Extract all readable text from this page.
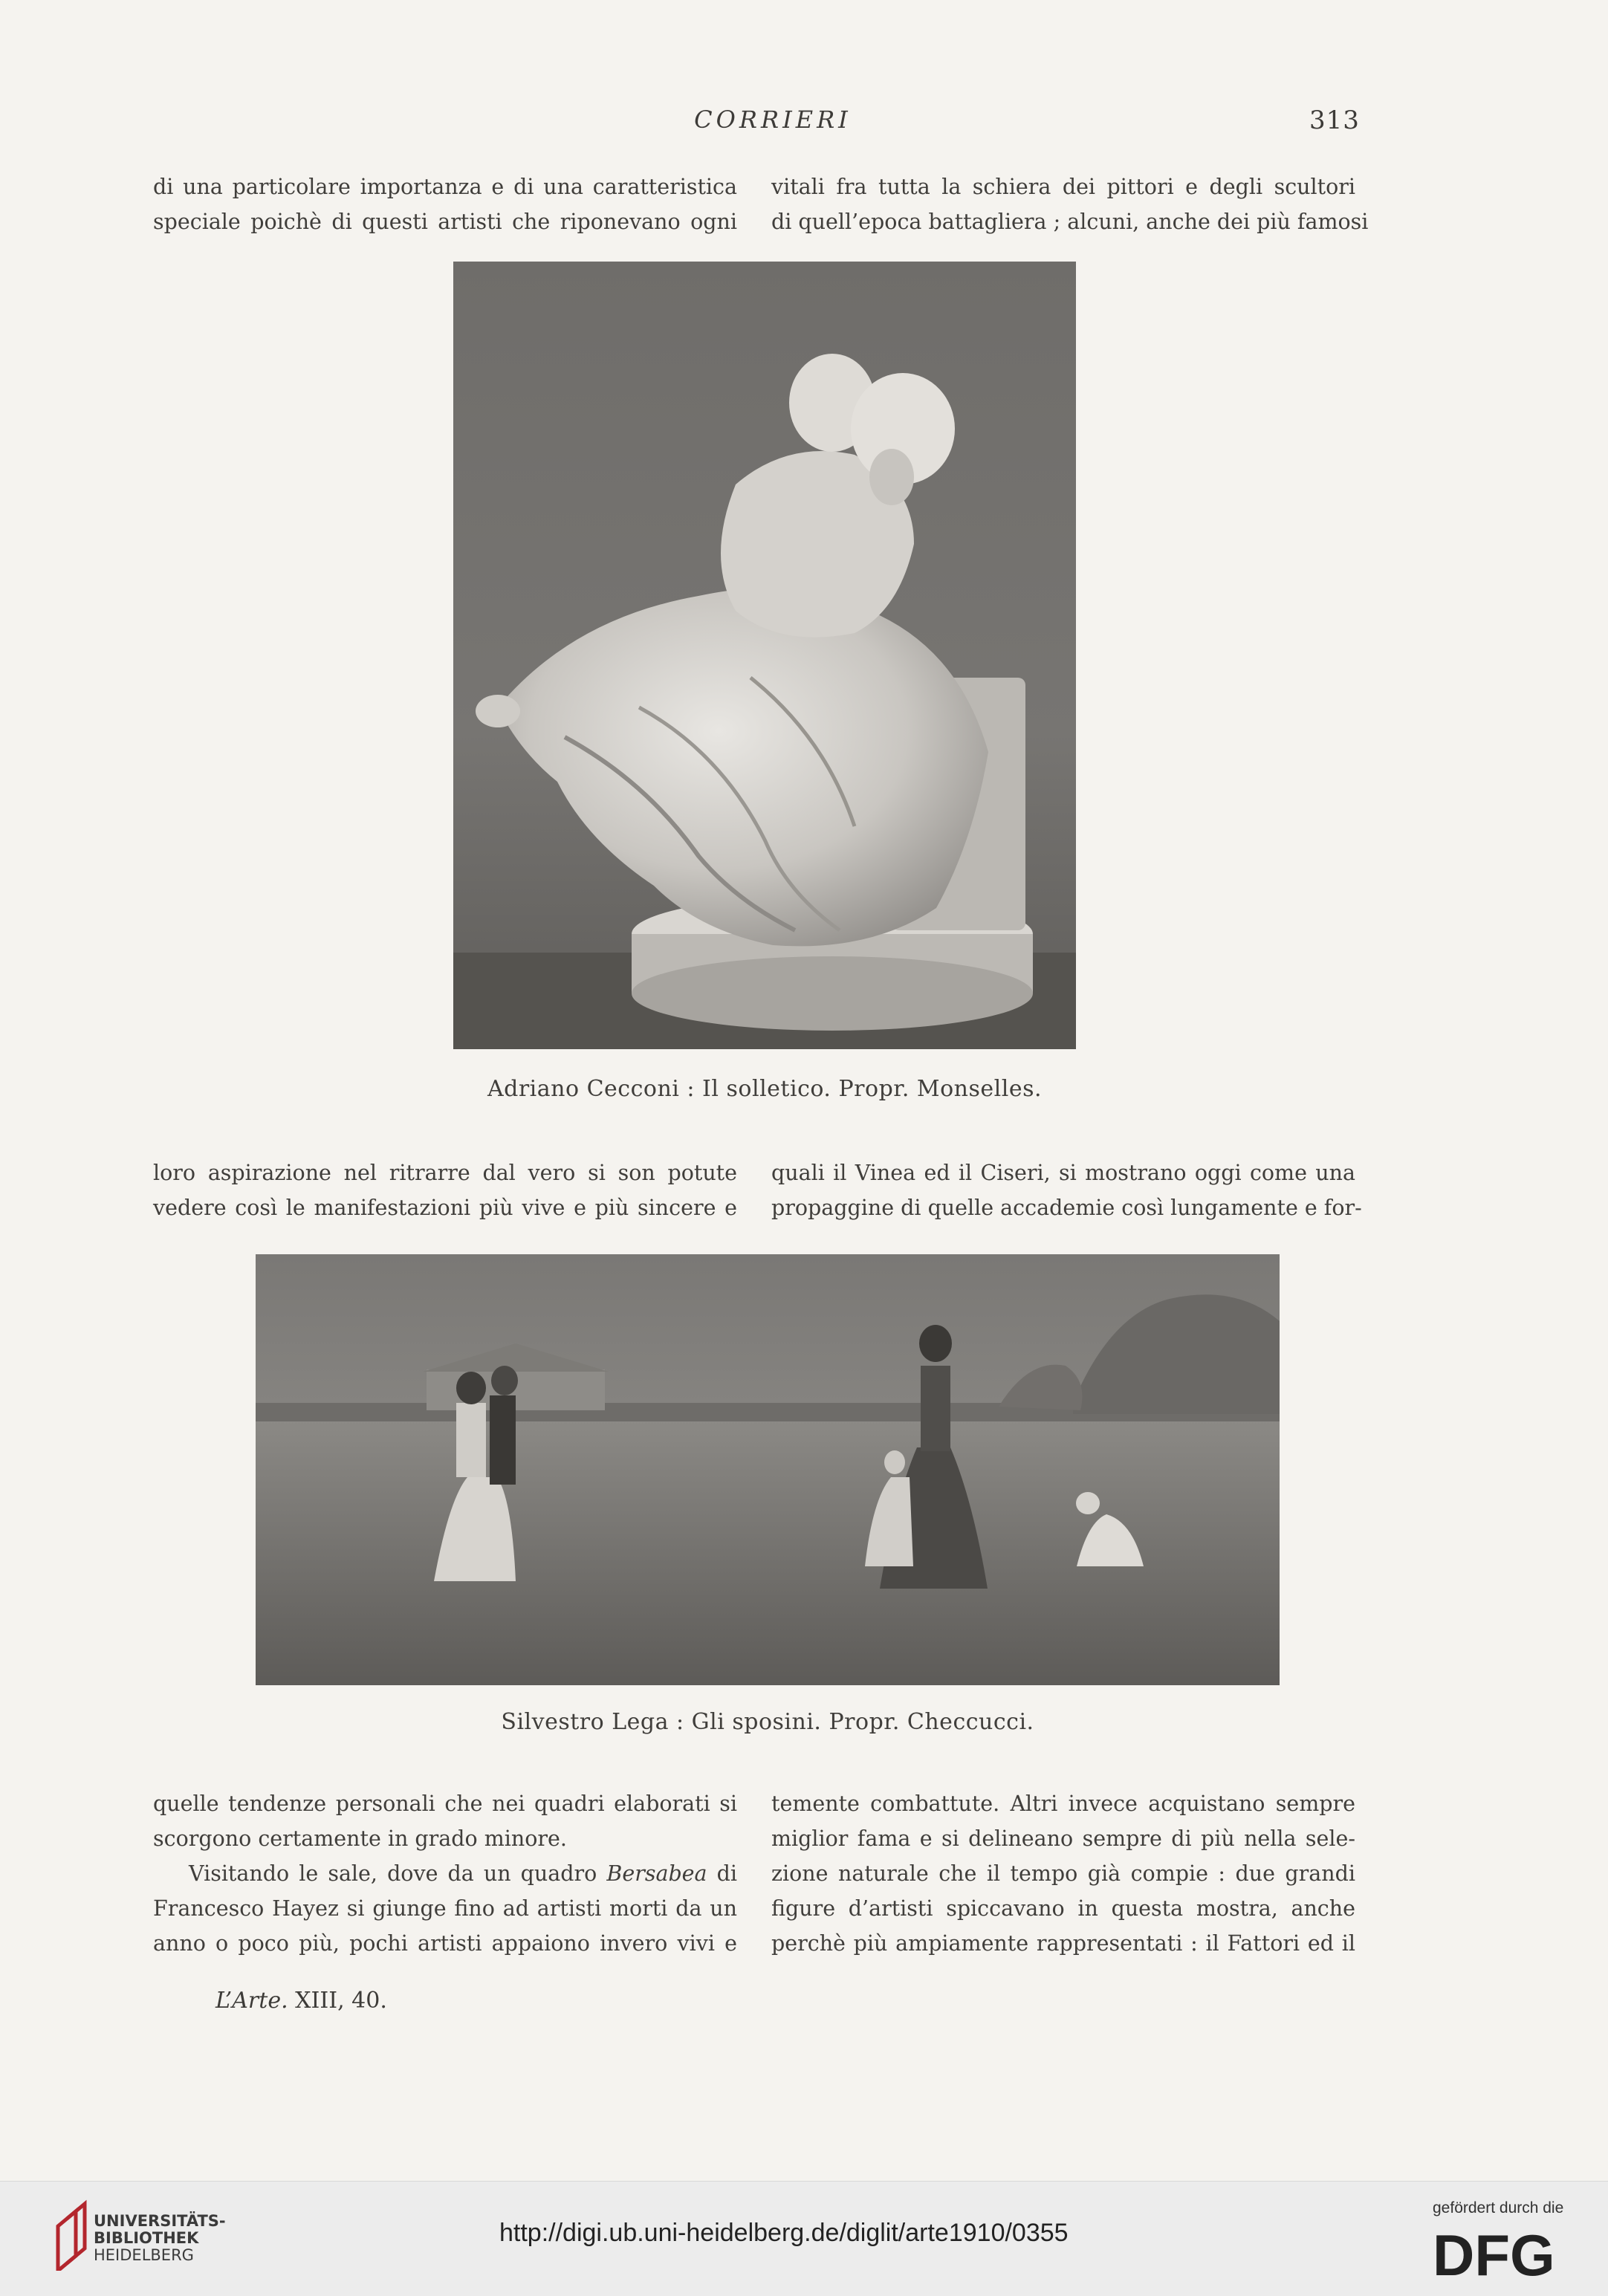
CORRIERI	313
di una particolare importanza e di una caratteristica
speciale poichè di questi artisti che riponevano ogni
vitali fra tutta la schiera dei pittori e degli scultori
di quell’epoca battagliera ; alcuni, anche dei più famosi
Adriano Cecconi : Il solletico. Propr. Monselles.
loro aspirazione nel ritrarre dal vero si son potute
vedere così le manifestazioni più vive e più sincere e
quali il Vinea ed il Ciseri, si mostrano oggi come una
propaggine di quelle accademie così lungamente e for-
Silvestro Lega : Gli sposini. Propr. Checcucci.
quelle tendenze personali che nei quadri elaborati si
scorgono certamente in grado minore.
Visitando le sale, dove da un quadro Bersabea di
Francesco Hayez si giunge fino ad artisti morti da un
anno o poco più, pochi artisti appaiono invero vivi e
temente combattute. Altri invece acquistano sempre
miglior fama e si delineano sempre di più nella sele-
zione naturale che il tempo già compie : due grandi
figure d’artisti spiccavano in questa mostra, anche
perchè più ampiamente rappresentati : il Fattori ed il
L’Arte. XIII, 40.
UNIVERSITÄTS-
BIBLIOTHEK
HEIDELBERG
http://digi.ub.uni-heidelberg.de/diglit/arte1910/0355
gefördert durch die
DFG
